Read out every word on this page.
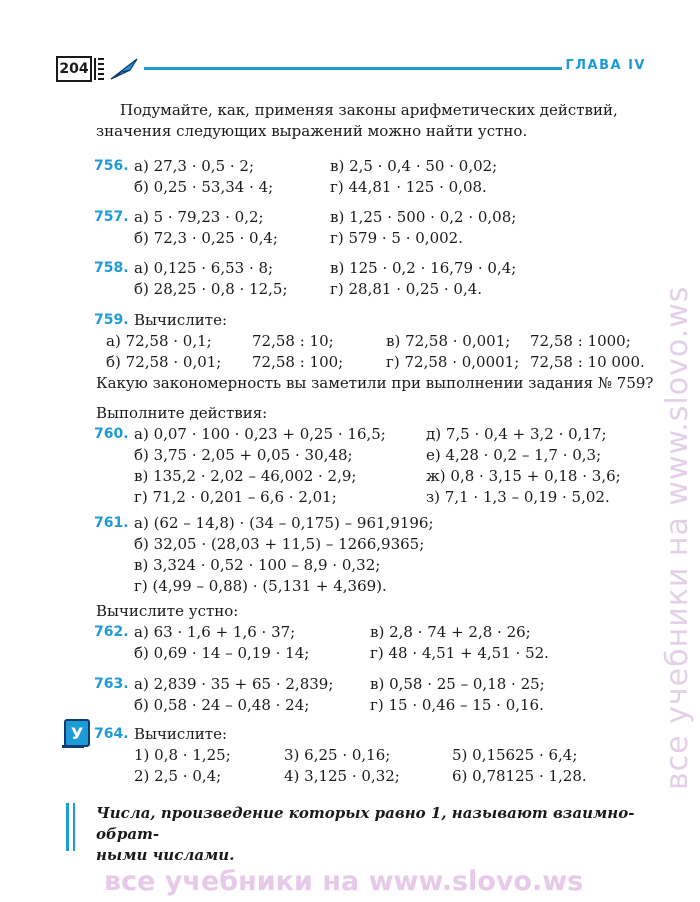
204	ГЛАВА IV

Подумайте, как, применяя законы арифметических действий,

значения следующих выражений можно найти устно.

756. а) 27,3 · 0,5 · 2;	в) 2,5 · 0,4 · 50 · 0,02;
б) 0,25 · 53,34 · 4;	г) 44,81 · 125 · 0,08.
757. а) 5 · 79,23 · 0,2;	в) 1,25 · 500 · 0,2 · 0,08;
б) 72,3 · 0,25 · 0,4;	г) 579 · 5 · 0,002.
758. а) 0,125 · 6,53 · 8;	в) 125 · 0,2 · 16,79 · 0,4;
б) 28,25 · 0,8 · 12,5;	г) 28,81 · 0,25 · 0,4.
759. Вычислите:
а) 72,58 · 0,1;	72,58 : 10;	в) 72,58 · 0,001; 72,58 : 1000;
б) 72,58 · 0,01; 72,58 : 100;	г) 72,58 · 0,0001; 72,58 : 10 000.
Какую закономерность вы заметили при выполнении задания № 759?
Выполните действия:
760. а) 0,07 · 100 · 0,23 + 0,25 · 16,5;	д) 7,5 · 0,4 + 3,2 · 0,17;
б) 3,75 · 2,05 + 0,05 · 30,48;	е) 4,28 · 0,2 – 1,7 · 0,3;
в) 135,2 · 2,02 – 46,002 · 2,9;	ж) 0,8 · 3,15 + 0,18 · 3,6;
г) 71,2 · 0,201 – 6,6 · 2,01;	з) 7,1 · 1,3 – 0,19 · 5,02.
761. а) (62 – 14,8) · (34 – 0,175) – 961,9196;
б) 32,05 · (28,03 + 11,5) – 1266,9365;
в) 3,324 · 0,52 · 100 – 8,9 · 0,32;
г) (4,99 – 0,88) · (5,131 + 4,369).
Вычислите устно:
762. а) 63 · 1,6 + 1,6 · 37;	в) 2,8 · 74 + 2,8 · 26;
б) 0,69 · 14 – 0,19 · 14;	г) 48 · 4,51 + 4,51 · 52.
763. а) 2,839 · 35 + 65 · 2,839; в) 0,58 · 25 – 0,18 · 25;
б) 0,58 · 24 – 0,48 · 24;	г) 15 · 0,46 – 15 · 0,16.
У 764. Вычислите:
1) 0,8 · 1,25;	3) 6,25 · 0,16;	5) 0,15625 · 6,4;
2) 2,5 · 0,4;	4) 3,125 · 0,32;	6) 0,78125 · 1,28.

Числа, произведение которых равно 1, называют взаимно-обрат-

ными числами.

все учебники на www.slovo.ws
все учебники на www.slovo.ws
